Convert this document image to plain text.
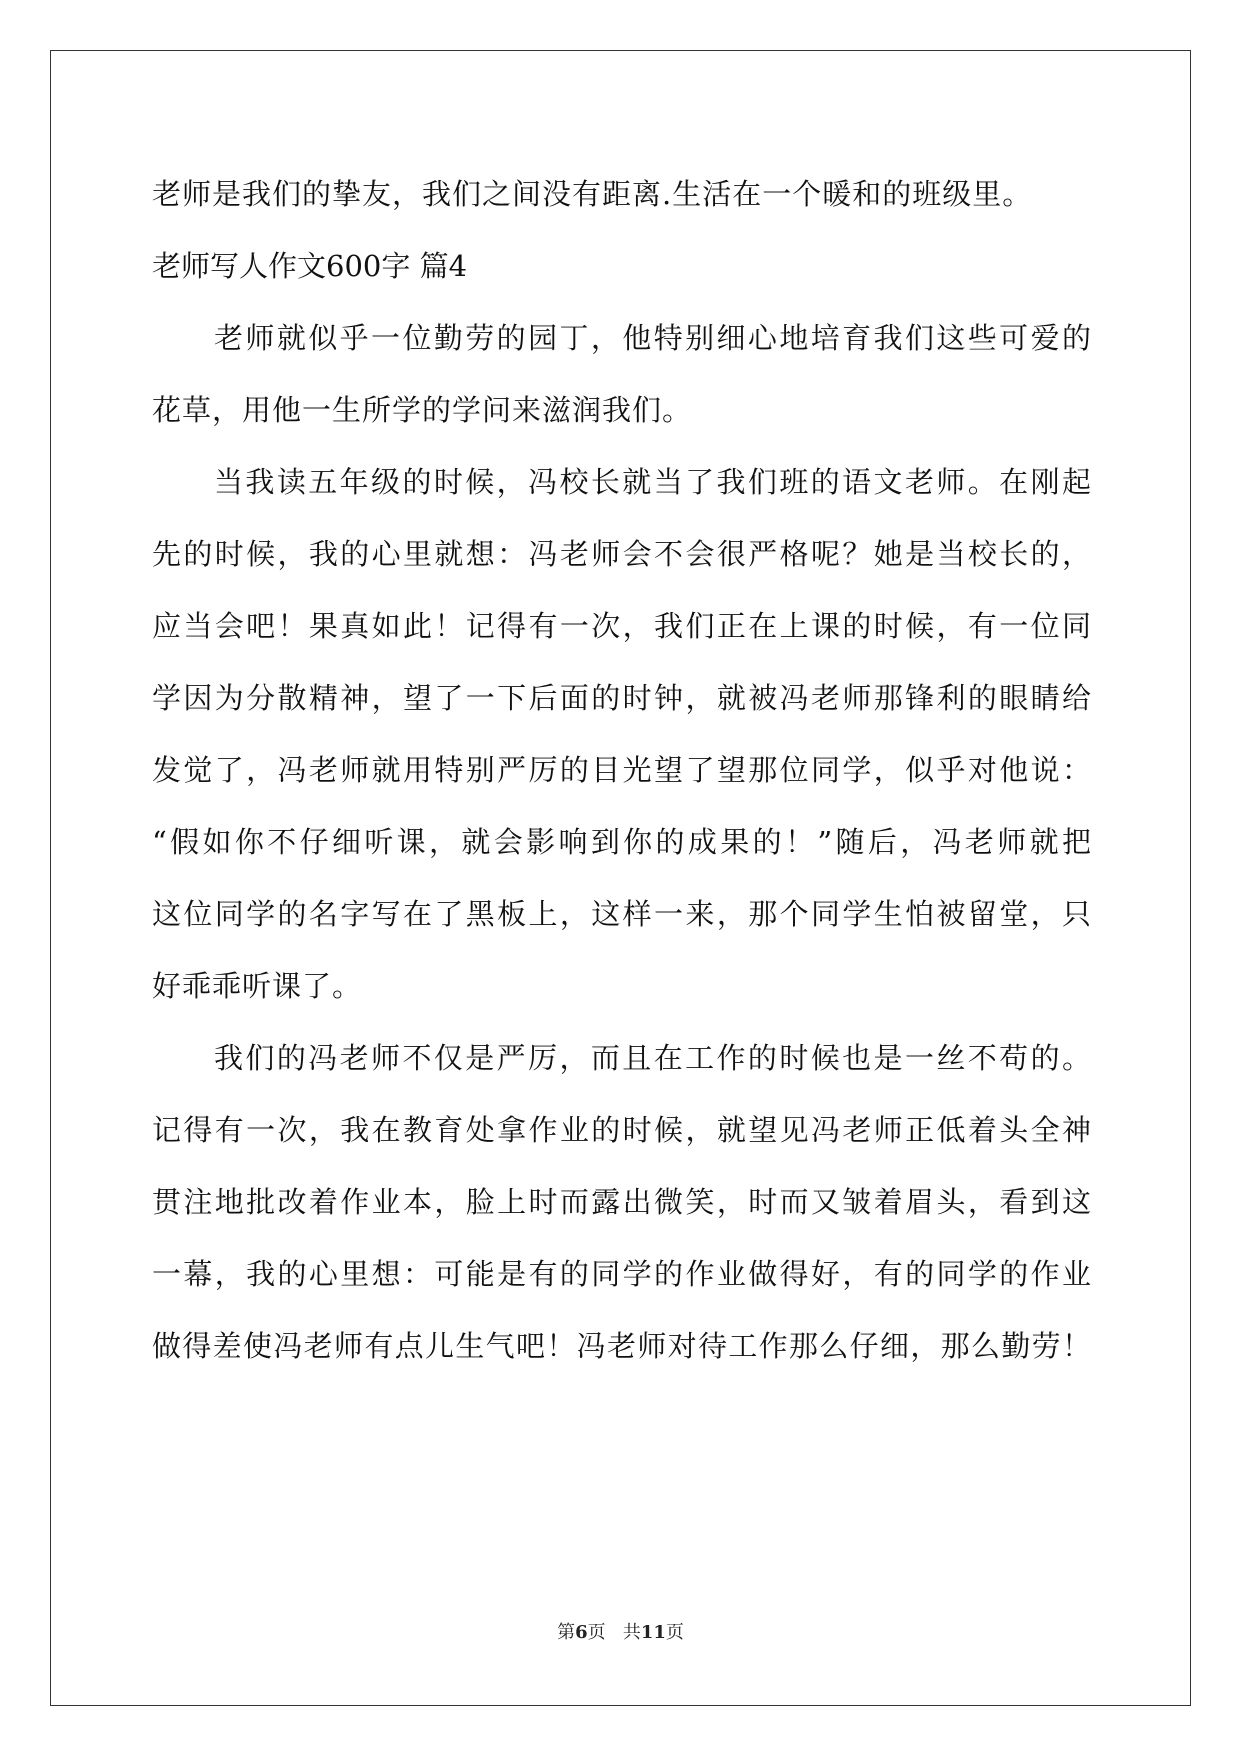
老师是我们的挚友，我们之间没有距离.生活在一个暖和的班级里。
老师写人作文600字 篇4
老师就似乎一位勤劳的园丁，他特别细心地培育我们这些可爱的
花草，用他一生所学的学问来滋润我们。
当我读五年级的时候，冯校长就当了我们班的语文老师。在刚起
先的时候，我的心里就想：冯老师会不会很严格呢？她是当校长的，
应当会吧！果真如此！记得有一次，我们正在上课的时候，有一位同
学因为分散精神，望了一下后面的时钟，就被冯老师那锋利的眼睛给
发觉了，冯老师就用特别严厉的目光望了望那位同学，似乎对他说：
“假如你不仔细听课，就会影响到你的成果的！”随后，冯老师就把
这位同学的名字写在了黑板上，这样一来，那个同学生怕被留堂，只
好乖乖听课了。
我们的冯老师不仅是严厉，而且在工作的时候也是一丝不苟的。
记得有一次，我在教育处拿作业的时候，就望见冯老师正低着头全神
贯注地批改着作业本，脸上时而露出微笑，时而又皱着眉头，看到这
一幕，我的心里想：可能是有的同学的作业做得好，有的同学的作业
做得差使冯老师有点儿生气吧！冯老师对待工作那么仔细，那么勤劳！
第6页 共11页
